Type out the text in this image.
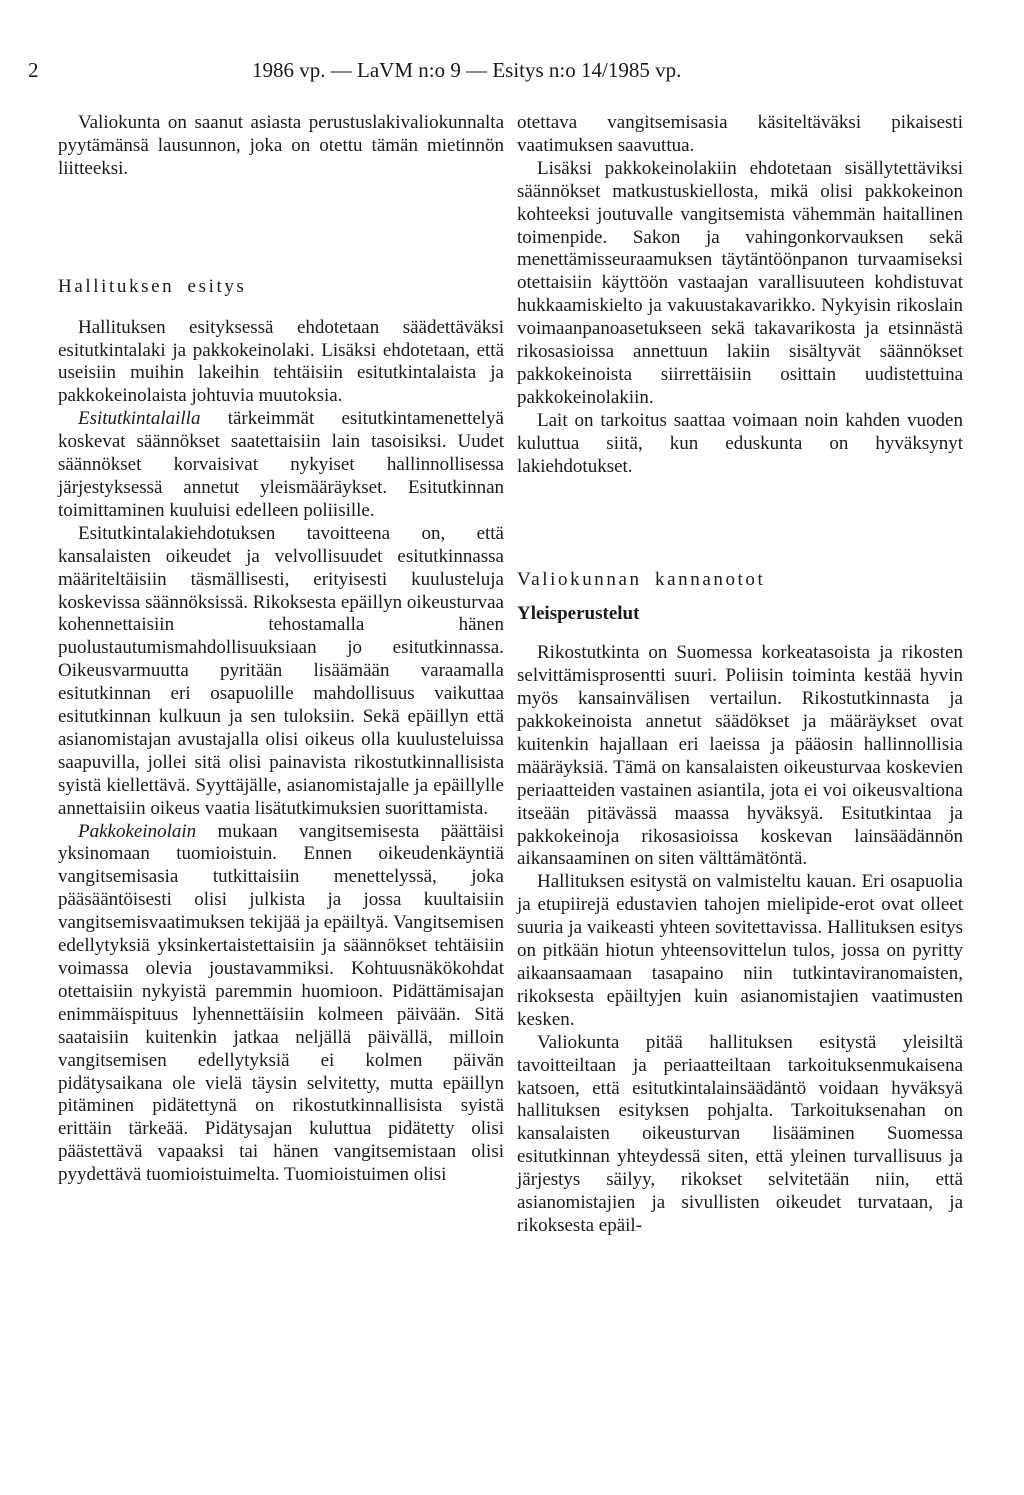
2	1986 vp. — LaVM n:o 9 — Esitys n:o 14/1985 vp.

Valiokunta on saanut asiasta perustuslakivaliokunnalta pyytämänsä lausunnon, joka on otettu tämän mietinnön liitteeksi.

Hallituksen esitys

Hallituksen esityksessä ehdotetaan säädettäväksi esitutkintalaki ja pakkokeinolaki. Lisäksi ehdotetaan, että useisiin muihin lakeihin tehtäisiin esitutkintalaista ja pakkokeinolaista johtuvia muutoksia.

Esitutkintalailla tärkeimmät esitutkintamenettelyä koskevat säännökset saatettaisiin lain tasoisiksi. Uudet säännökset korvaisivat nykyiset hallinnollisessa järjestyksessä annetut yleismääräykset. Esitutkinnan toimittaminen kuuluisi edelleen poliisille.

Esitutkintalakiehdotuksen tavoitteena on, että kansalaisten oikeudet ja velvollisuudet esitutkinnassa määriteltäisiin täsmällisesti, erityisesti kuulusteluja koskevissa säännöksissä. Rikoksesta epäillyn oikeusturvaa kohennettaisiin tehostamalla hänen puolustautumismahdollisuuksiaan jo esitutkinnassa. Oikeusvarmuutta pyritään lisäämään varaamalla esitutkinnan eri osapuolille mahdollisuus vaikuttaa esitutkinnan kulkuun ja sen tuloksiin. Sekä epäillyn että asianomistajan avustajalla olisi oikeus olla kuulusteluissa saapuvilla, jollei sitä olisi painavista rikostutkinnallisista syistä kiellettävä. Syyttäjälle, asianomistajalle ja epäillylle annettaisiin oikeus vaatia lisätutkimuksien suorittamista.

Pakkokeinolain mukaan vangitsemisesta päättäisi yksinomaan tuomioistuin. Ennen oikeudenkäyntiä vangitsemisasia tutkittaisiin menettelyssä, joka pääsääntöisesti olisi julkista ja jossa kuultaisiin vangitsemisvaatimuksen tekijää ja epäiltyä. Vangitsemisen edellytyksiä yksinkertaistettaisiin ja säännökset tehtäisiin voimassa olevia joustavammiksi. Kohtuusnäkökohdat otettaisiin nykyistä paremmin huomioon. Pidättämisajan enimmäispituus lyhennettäisiin kolmeen päivään. Sitä saataisiin kuitenkin jatkaa neljällä päivällä, milloin vangitsemisen edellytyksiä ei kolmen päivän pidätysaikana ole vielä täysin selvitetty, mutta epäillyn pitäminen pidätettynä on rikostutkinnallisista syistä erittäin tärkeää. Pidätysajan kuluttua pidätetty olisi päästettävä vapaaksi tai hänen vangitsemistaan olisi pyydettävä tuomioistuimelta. Tuomioistuimen olisi

otettava vangitsemisasia käsiteltäväksi pikaisesti vaatimuksen saavuttua.

Lisäksi pakkokeinolakiin ehdotetaan sisällytettäviksi säännökset matkustuskiellosta, mikä olisi pakkokeinon kohteeksi joutuvalle vangitsemista vähemmän haitallinen toimenpide. Sakon ja vahingonkorvauksen sekä menettämisseuraamuksen täytäntöönpanon turvaamiseksi otettaisiin käyttöön vastaajan varallisuuteen kohdistuvat hukkaamiskielto ja vakuustakavarikko. Nykyisin rikoslain voimaanpanoasetukseen sekä takavarikosta ja etsinnästä rikosasioissa annettuun lakiin sisältyvät säännökset pakkokeinoista siirrettäisiin osittain uudistettuina pakkokeinolakiin.

Lait on tarkoitus saattaa voimaan noin kahden vuoden kuluttua siitä, kun eduskunta on hyväksynyt lakiehdotukset.

Valiokunnan kannanotot

Yleisperustelut

Rikostutkinta on Suomessa korkeatasoista ja rikosten selvittämisprosentti suuri. Poliisin toiminta kestää hyvin myös kansainvälisen vertailun. Rikostutkinnasta ja pakkokeinoista annetut säädökset ja määräykset ovat kuitenkin hajallaan eri laeissa ja pääosin hallinnollisia määräyksiä. Tämä on kansalaisten oikeusturvaa koskevien periaatteiden vastainen asiantila, jota ei voi oikeusvaltiona itseään pitävässä maassa hyväksyä. Esitutkintaa ja pakkokeinoja rikosasioissa koskevan lainsäädännön aikansaaminen on siten välttämätöntä.

Hallituksen esitystä on valmisteltu kauan. Eri osapuolia ja etupiirejä edustavien tahojen mielipide-erot ovat olleet suuria ja vaikeasti yhteen sovitettavissa. Hallituksen esitys on pitkään hiotun yhteensovittelun tulos, jossa on pyritty aikaansaamaan tasapaino niin tutkintaviranomaisten, rikoksesta epäiltyjen kuin asianomistajien vaatimusten kesken.

Valiokunta pitää hallituksen esitystä yleisiltä tavoitteiltaan ja periaatteiltaan tarkoituksenmukaisena katsoen, että esitutkintalainsäädäntö voidaan hyväksyä hallituksen esityksen pohjalta. Tarkoituksenahan on kansalaisten oikeusturvan lisääminen Suomessa esitutkinnan yhteydessä siten, että yleinen turvallisuus ja järjestys säilyy, rikokset selvitetään niin, että asianomistajien ja sivullisten oikeudet turvataan, ja rikoksesta epäil-
